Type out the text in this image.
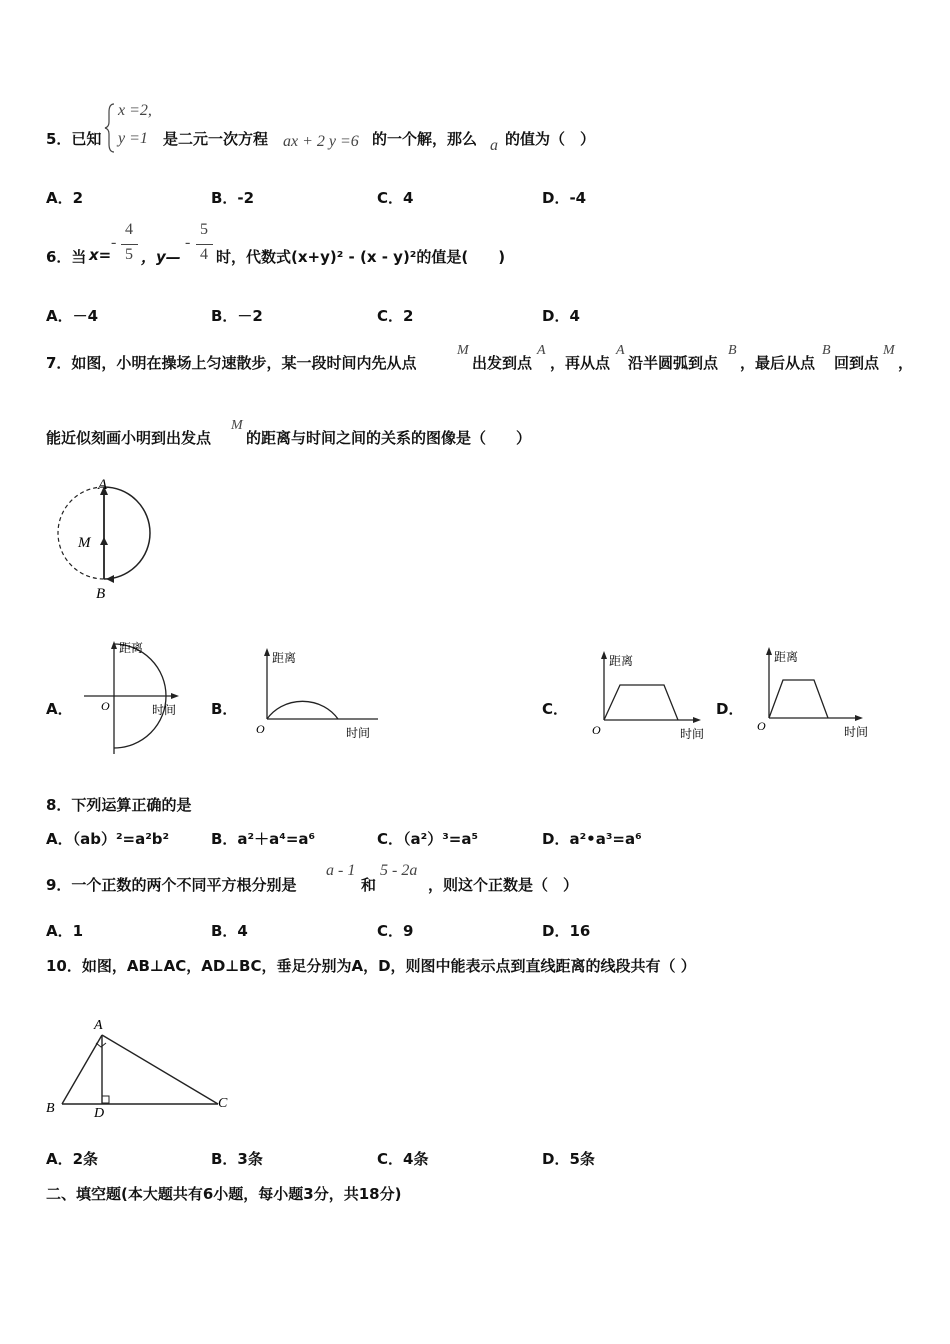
x =2,
5．已知 y =1 是二元一次方程 ax + 2 y =6 的一个解，那么 a 的值为（　）
A．2	B．-2	C．4	D．-4
6．当 x=
-
4
5 ，y—
-
5
4 时，代数式(x+y)² - (x - y)²的值是(　　)
A．－4	B．－2	C．2	D．4
7．如图，小明在操场上匀速散步，某一段时间内先从点
M
出发到点
A
，再从点
A
沿半圆弧到点
B
，最后从点
B
回到点
M
，
能近似刻画小明到出发点
M
的距离与时间之间的关系的图像是（　　）
A
M
B
A．	B．	C．	D．
距离
时间
O
距离
时间
O
距离
时间
O
距离
时间
O
8．下列运算正确的是
A．（ab）²=a²b²	B．a²＋a⁴=a⁶	C．（a²）³=a⁵	D．a²•a³=a⁶
9．一个正数的两个不同平方根分别是
a - 1
和
5 - 2a
，则这个正数是（　）
A．1	B．4	C．9	D．16
10．如图，AB⊥AC，AD⊥BC，垂足分别为A，D，则图中能表示点到直线距离的线段共有（ ）
A
B	C
D
A．2条	B．3条	C．4条	D．5条
二、填空题(本大题共有6小题，每小题3分，共18分)
